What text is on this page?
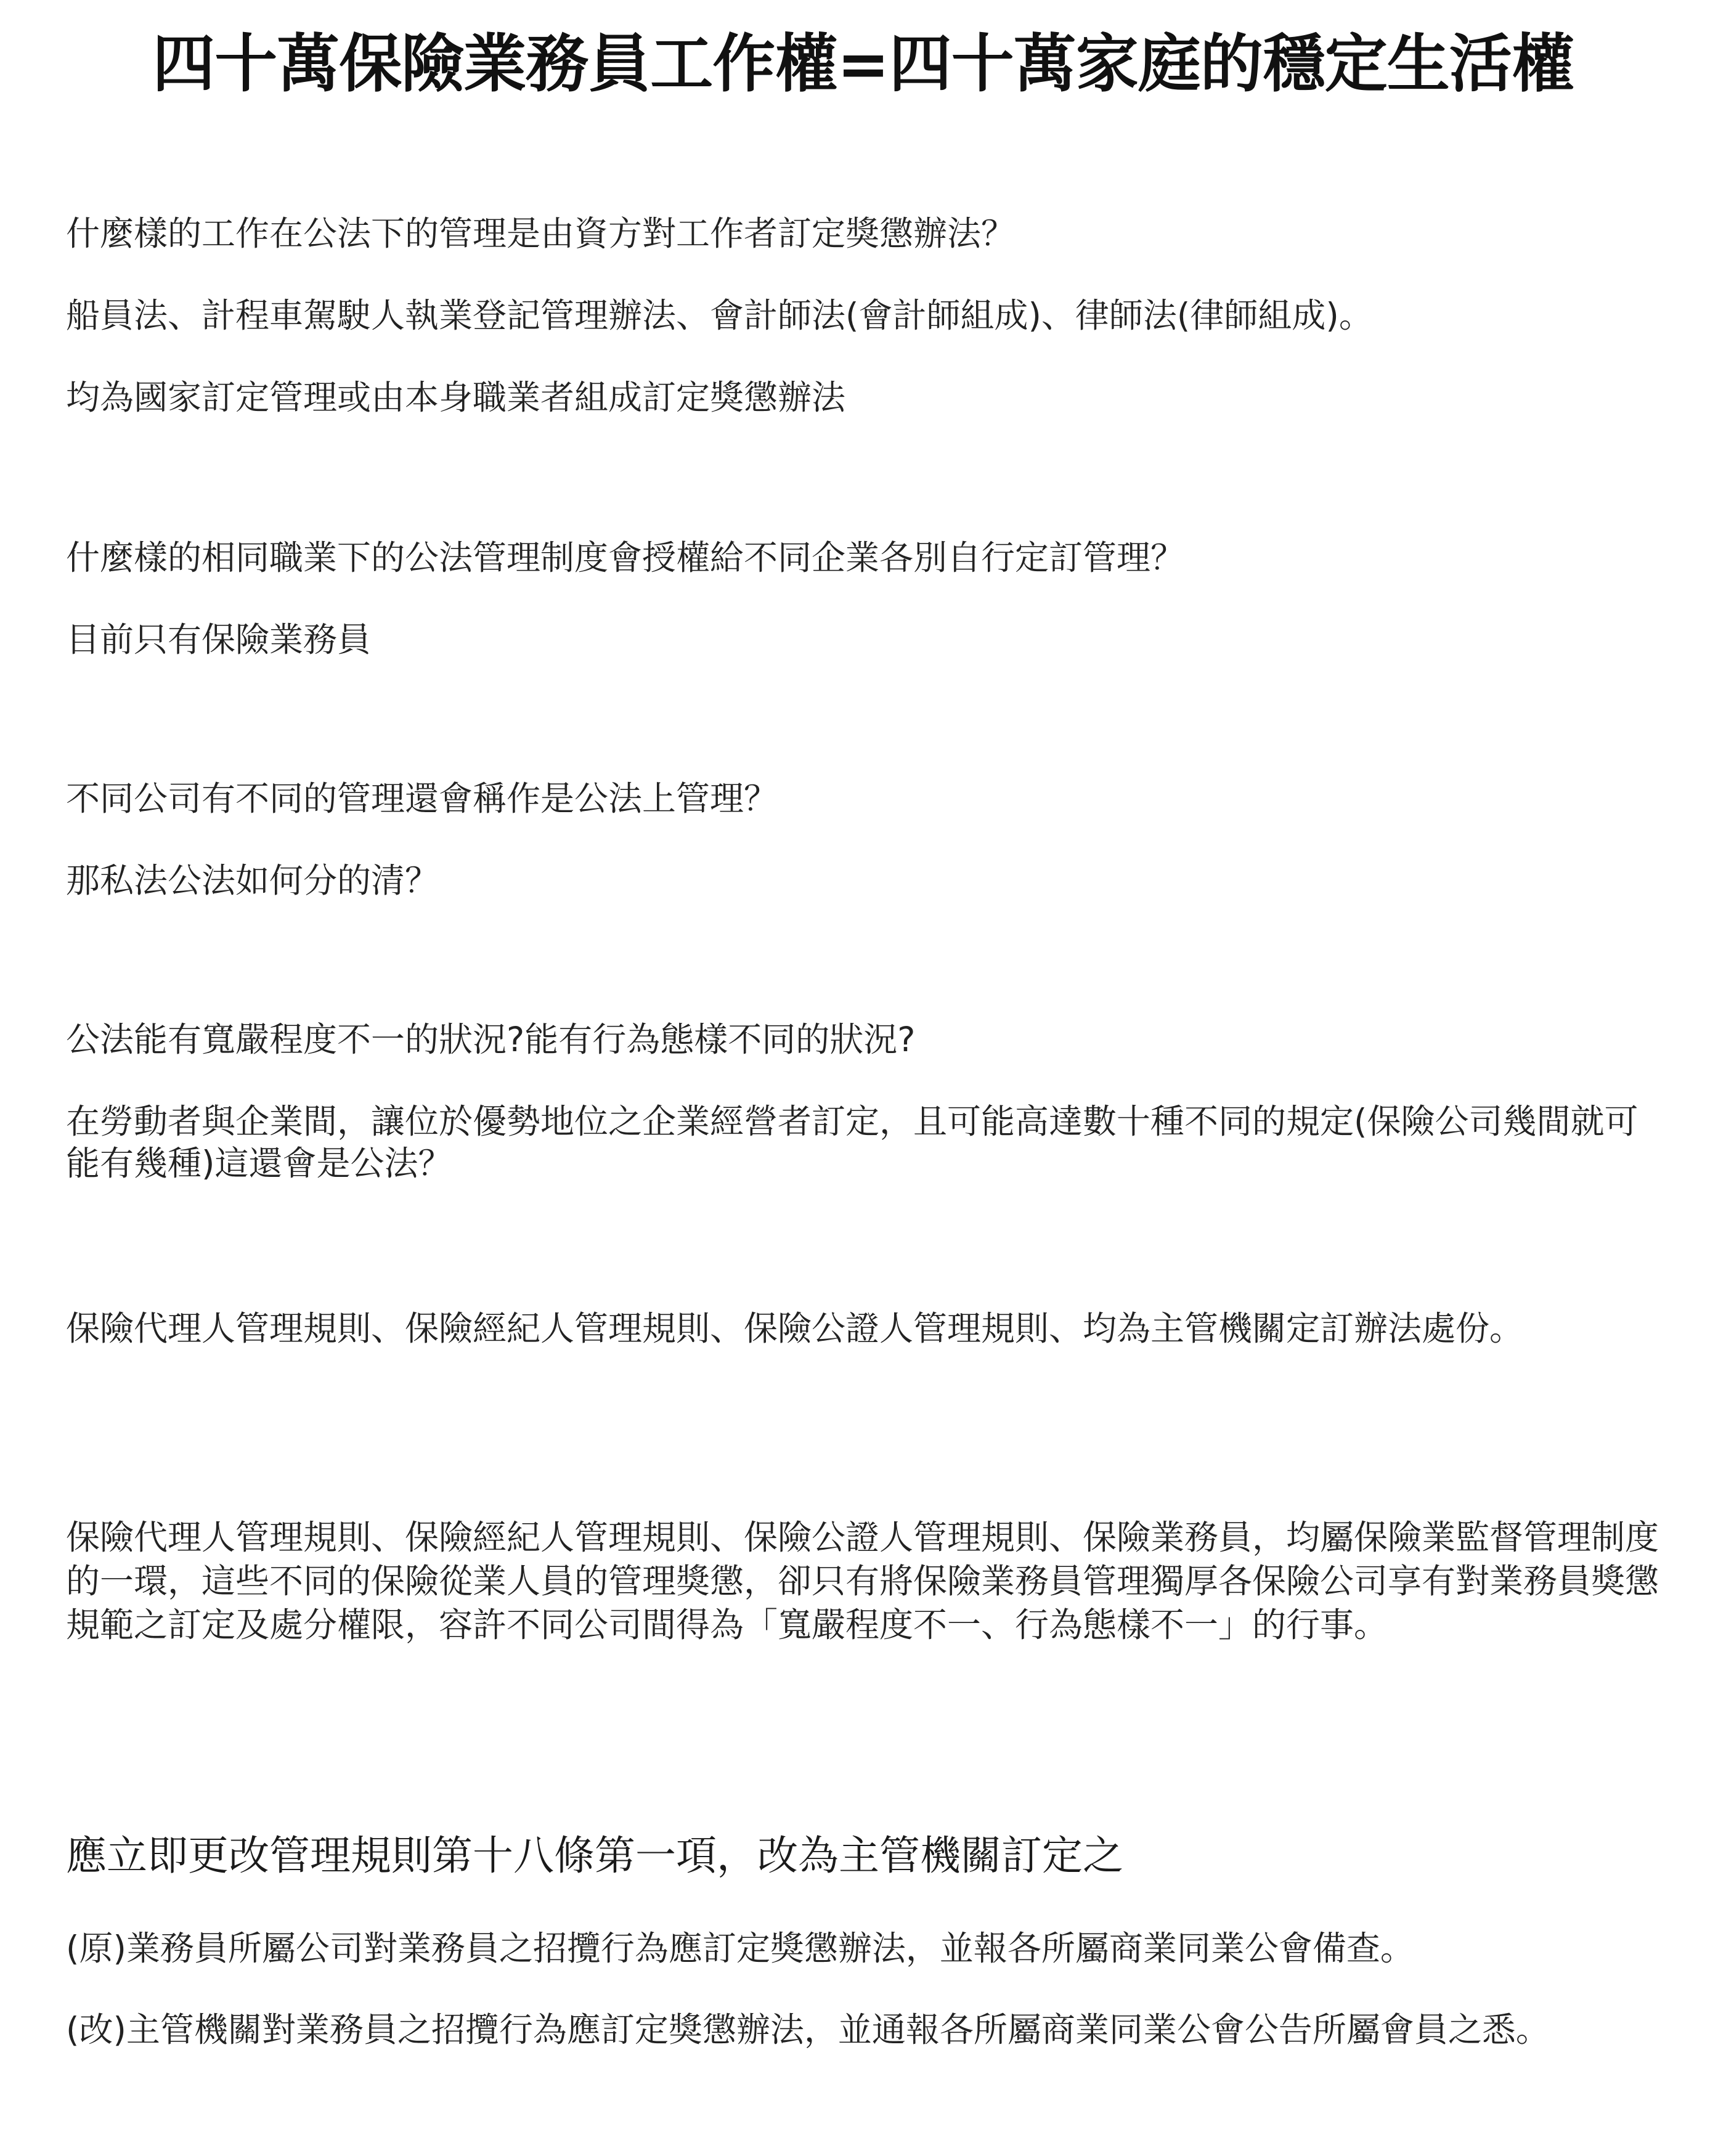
四十萬保險業務員工作權=四十萬家庭的穩定生活權
什麼樣的工作在公法下的管理是由資方對工作者訂定獎懲辦法？
船員法、計程車駕駛人執業登記管理辦法、會計師法(會計師組成)、律師法(律師組成)。
均為國家訂定管理或由本身職業者組成訂定獎懲辦法
什麼樣的相同職業下的公法管理制度會授權給不同企業各別自行定訂管理？
目前只有保險業務員
不同公司有不同的管理還會稱作是公法上管理？
那私法公法如何分的清？
公法能有寬嚴程度不一的狀況?能有行為態樣不同的狀況?
在勞動者與企業間，讓位於優勢地位之企業經營者訂定，且可能高達數十種不同的規定(保險公司幾間就可能有幾種)這還會是公法？
保險代理人管理規則、保險經紀人管理規則、保險公證人管理規則、均為主管機關定訂辦法處份。
保險代理人管理規則、保險經紀人管理規則、保險公證人管理規則、保險業務員，均屬保險業監督管理制度的一環，這些不同的保險從業人員的管理獎懲，卻只有將保險業務員管理獨厚各保險公司享有對業務員獎懲規範之訂定及處分權限，容許不同公司間得為「寬嚴程度不一、行為態樣不一」的行事。
應立即更改管理規則第十八條第一項，改為主管機關訂定之
(原)業務員所屬公司對業務員之招攬行為應訂定獎懲辦法，並報各所屬商業同業公會備查。
(改)主管機關對業務員之招攬行為應訂定獎懲辦法，並通報各所屬商業同業公會公告所屬會員之悉。
